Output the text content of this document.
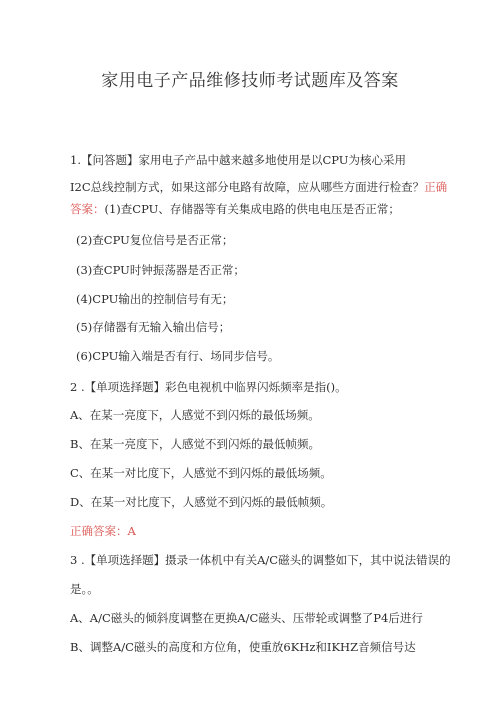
家用电子产品维修技师考试题库及答案
1.【问答题】家用电子产品中越来越多地使用是以CPU为核心采用
I2C总线控制方式，如果这部分电路有故障，应从哪些方面进行检查？正确
答案：(1)查CPU、存储器等有关集成电路的供电电压是否正常；
(2)查CPU复位信号是否正常；
(3)查CPU时钟振荡器是否正常；
(4)CPU输出的控制信号有无；
(5)存储器有无输入输出信号；
(6)CPU输入端是否有行、场同步信号。
2 .【单项选择题】彩色电视机中临界闪烁频率是指()。
A、在某一亮度下，人感觉不到闪烁的最低场频。
B、在某一亮度下，人感觉不到闪烁的最低帧频。
C、在某一对比度下，人感觉不到闪烁的最低场频。
D、在某一对比度下，人感觉不到闪烁的最低帧频。
正确答案：A
3 .【单项选择题】摄录一体机中有关A/C磁头的调整如下，其中说法错误的
是。。
A、A/C磁头的倾斜度调整在更换A/C磁头、压带轮或调整了P4后进行
B、调整A/C磁头的高度和方位角，使重放6KHz和IKHZ音频信号达
